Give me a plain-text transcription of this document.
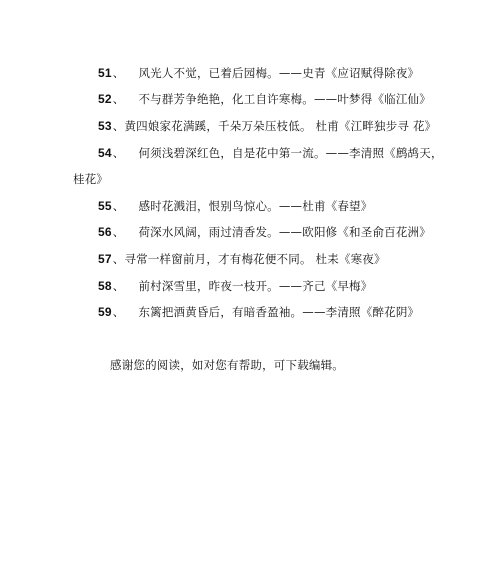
51、 风光人不觉，已着后园梅。——史青《应诏赋得除夜》
52、 不与群芳争绝艳，化工自许寒梅。——叶梦得《临江仙》
53、黄四娘家花满蹊，千朵万朵压枝低。 杜甫《江畔独步寻 花》
54、 何须浅碧深红色，自是花中第一流。——李清照《鹧鸪天，
桂花》
55、 感时花溅泪，恨别鸟惊心。——杜甫《春望》
56、 荷深水风阔，雨过清香发。——欧阳修《和圣俞百花洲》
57、寻常一样窗前月，才有梅花便不同。 杜耒《寒夜》
58、 前村深雪里，昨夜一枝开。——齐己《早梅》
59、 东篱把酒黄昏后，有暗香盈袖。——李清照《醉花阴》
感谢您的阅读，如对您有帮助，可下载编辑。
